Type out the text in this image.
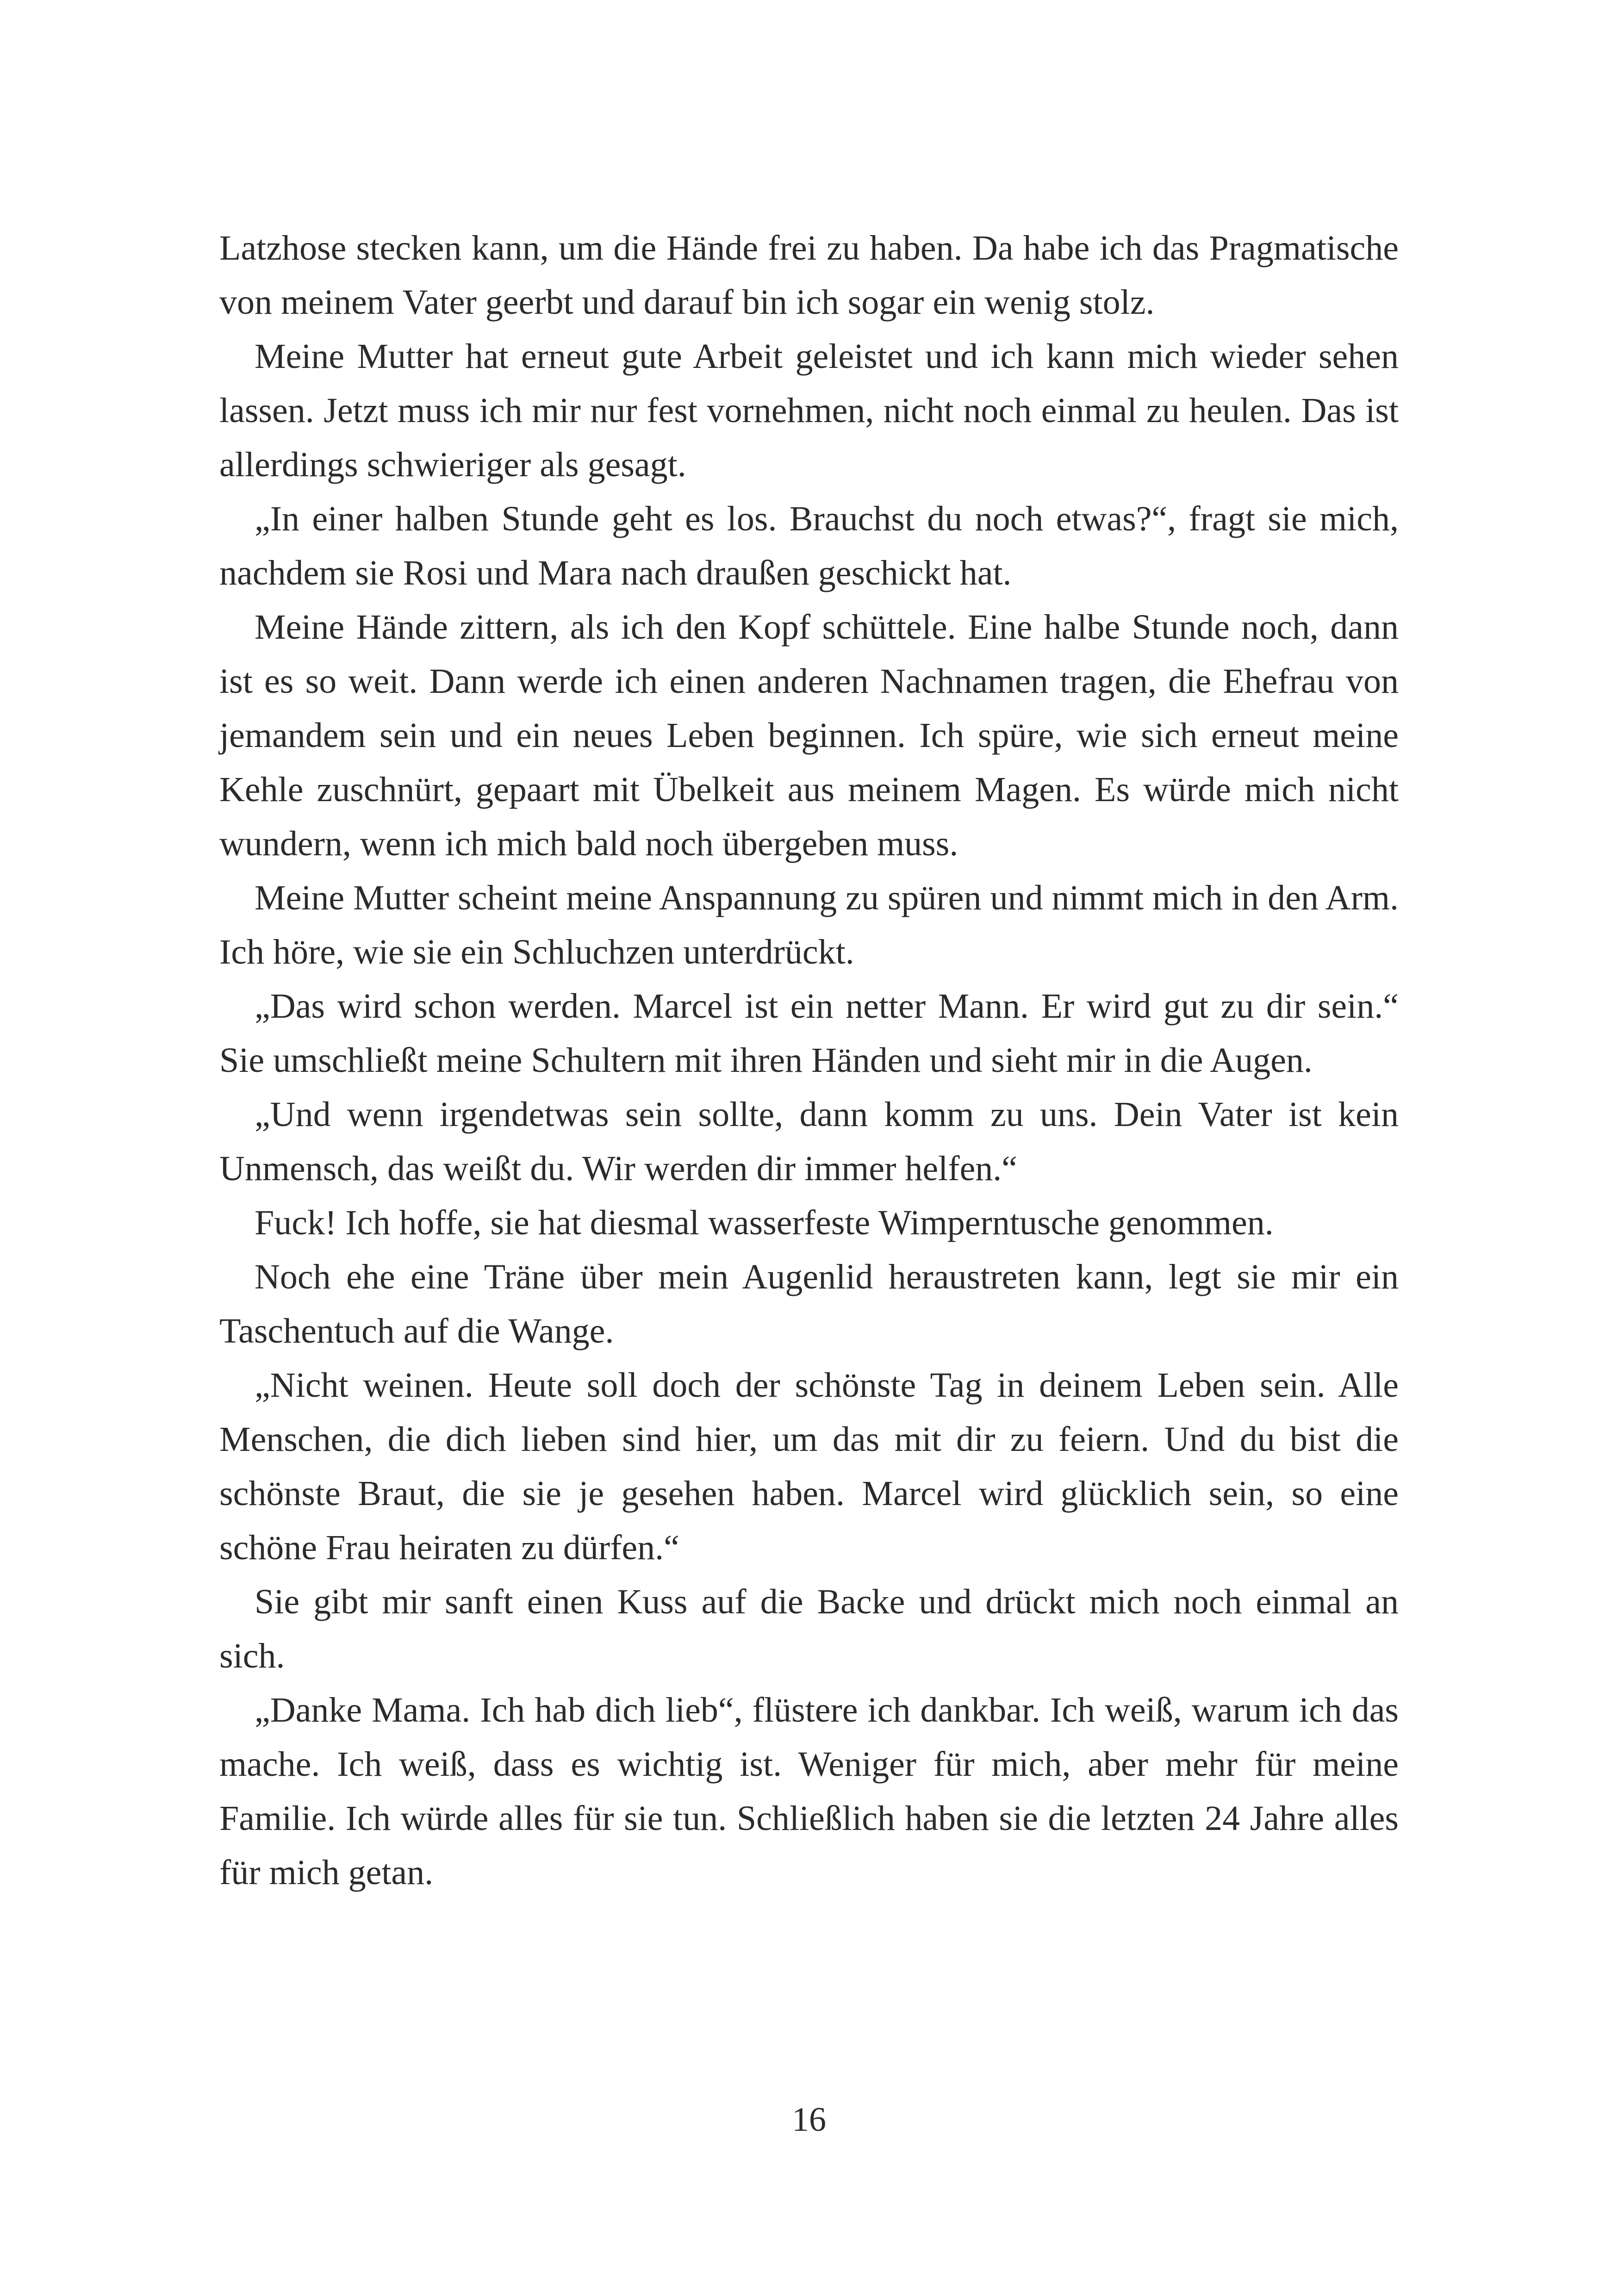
Latzhose stecken kann, um die Hände frei zu haben. Da habe ich das Pragmatische von meinem Vater geerbt und darauf bin ich sogar ein wenig stolz.

Meine Mutter hat erneut gute Arbeit geleistet und ich kann mich wieder sehen lassen. Jetzt muss ich mir nur fest vornehmen, nicht noch einmal zu heulen. Das ist allerdings schwieriger als gesagt.

„In einer halben Stunde geht es los. Brauchst du noch etwas?“, fragt sie mich, nachdem sie Rosi und Mara nach draußen geschickt hat.

Meine Hände zittern, als ich den Kopf schüttele. Eine halbe Stunde noch, dann ist es so weit. Dann werde ich einen anderen Nachnamen tragen, die Ehefrau von jemandem sein und ein neues Leben beginnen. Ich spüre, wie sich erneut meine Kehle zuschnürt, gepaart mit Übelkeit aus meinem Magen. Es würde mich nicht wundern, wenn ich mich bald noch übergeben muss.

Meine Mutter scheint meine Anspannung zu spüren und nimmt mich in den Arm. Ich höre, wie sie ein Schluchzen unterdrückt.

„Das wird schon werden. Marcel ist ein netter Mann. Er wird gut zu dir sein.“ Sie umschließt meine Schultern mit ihren Händen und sieht mir in die Augen.

„Und wenn irgendetwas sein sollte, dann komm zu uns. Dein Vater ist kein Unmensch, das weißt du. Wir werden dir immer helfen.“

Fuck! Ich hoffe, sie hat diesmal wasserfeste Wimperntusche genommen.

Noch ehe eine Träne über mein Augenlid heraustreten kann, legt sie mir ein Taschentuch auf die Wange.

„Nicht weinen. Heute soll doch der schönste Tag in deinem Leben sein. Alle Menschen, die dich lieben sind hier, um das mit dir zu feiern. Und du bist die schönste Braut, die sie je gesehen haben. Marcel wird glücklich sein, so eine schöne Frau heiraten zu dürfen.“

Sie gibt mir sanft einen Kuss auf die Backe und drückt mich noch einmal an sich.

„Danke Mama. Ich hab dich lieb“, flüstere ich dankbar. Ich weiß, warum ich das mache. Ich weiß, dass es wichtig ist. Weniger für mich, aber mehr für meine Familie. Ich würde alles für sie tun. Schließlich haben sie die letzten 24 Jahre alles für mich getan.

16
